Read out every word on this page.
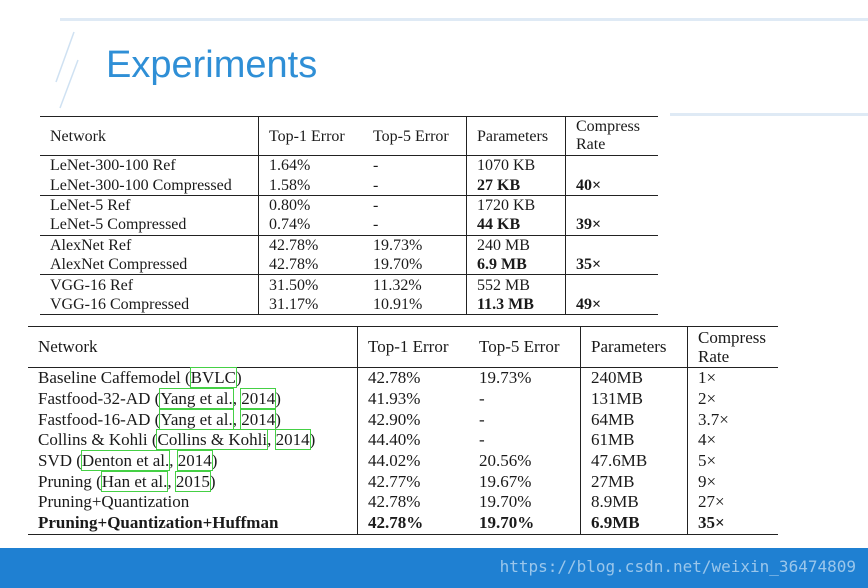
Experiments
Network	Top-1 Error	Top-5 Error	Parameters	Compress
Rate

LeNet-300-100 Ref	1.64%	-	1070 KB	
LeNet-300-100 Compressed	1.58%	-	27 KB	40×
LeNet-5 Ref	0.80%	-	1720 KB	
LeNet-5 Compressed	0.74%	-	44 KB	39×
AlexNet Ref	42.78%	19.73%	240 MB	
AlexNet Compressed	42.78%	19.70%	6.9 MB	35×
VGG-16 Ref	31.50%	11.32%	552 MB	
VGG-16 Compressed	31.17%	10.91%	11.3 MB	49×
Network	Top-1 Error	Top-5 Error	Parameters	Compress
Rate

Baseline Caffemodel (BVLC)	42.78%	19.73%	240MB	1×
Fastfood-32-AD (Yang et al., 2014)	41.93%	-	131MB	2×
Fastfood-16-AD (Yang et al., 2014)	42.90%	-	64MB	3.7×
Collins & Kohli (Collins & Kohli, 2014)	44.40%	-	61MB	4×
SVD (Denton et al., 2014)	44.02%	20.56%	47.6MB	5×
Pruning (Han et al., 2015)	42.77%	19.67%	27MB	9×
Pruning+Quantization	42.78%	19.70%	8.9MB	27×
Pruning+Quantization+Huffman	42.78%	19.70%	6.9MB	35×
https://blog.csdn.net/weixin_36474809
